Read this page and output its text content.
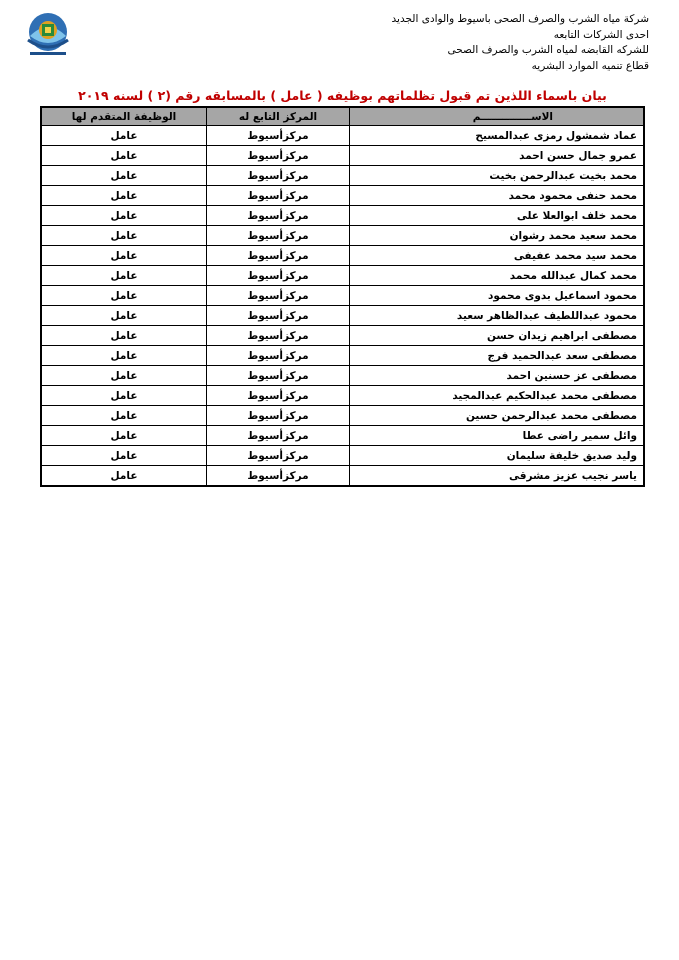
شركة مياه الشرب والصرف الصحى باسيوط والوادى الجديد
احدى الشركات التابعه
للشركه القابضه لمياه الشرب والصرف الصحى
قطاع تنميه الموارد البشريه
بيان باسماء اللذين تم قبول تظلماتهم بوظيفه ( عامل ) بالمسابقه رقم (٢ ) لسنه ٢٠١٩
الاســــــــــــــم	المركز التابع له	الوظيفة المتقدم لها
عماد شمشول رمزى عبدالمسيح	مركزأسيوط	عامل
عمرو جمال حسن احمد	مركزأسيوط	عامل
محمد بخيت عبدالرحمن بخيت	مركزأسيوط	عامل
محمد حنفى محمود محمد	مركزأسيوط	عامل
محمد خلف ابوالعلا على	مركزأسيوط	عامل
محمد سعيد محمد رشوان	مركزأسيوط	عامل
محمد سيد محمد عفيفى	مركزأسيوط	عامل
محمد كمال عبدالله محمد	مركزأسيوط	عامل
محمود اسماعيل بدوى محمود	مركزأسيوط	عامل
محمود عبداللطيف عبدالظاهر سعيد	مركزأسيوط	عامل
مصطفى ابراهيم زيدان حسن	مركزأسيوط	عامل
مصطفى سعد عبدالحميد فرج	مركزأسيوط	عامل
مصطفى عز حسنين احمد	مركزأسيوط	عامل
مصطفى محمد عبدالحكيم عبدالمجيد	مركزأسيوط	عامل
مصطفى محمد عبدالرحمن حسين	مركزأسيوط	عامل
وائل سمير راضى عطا	مركزأسيوط	عامل
وليد صديق خليفة سليمان	مركزأسيوط	عامل
ياسر نجيب عزيز مشرقى	مركزأسيوط	عامل
